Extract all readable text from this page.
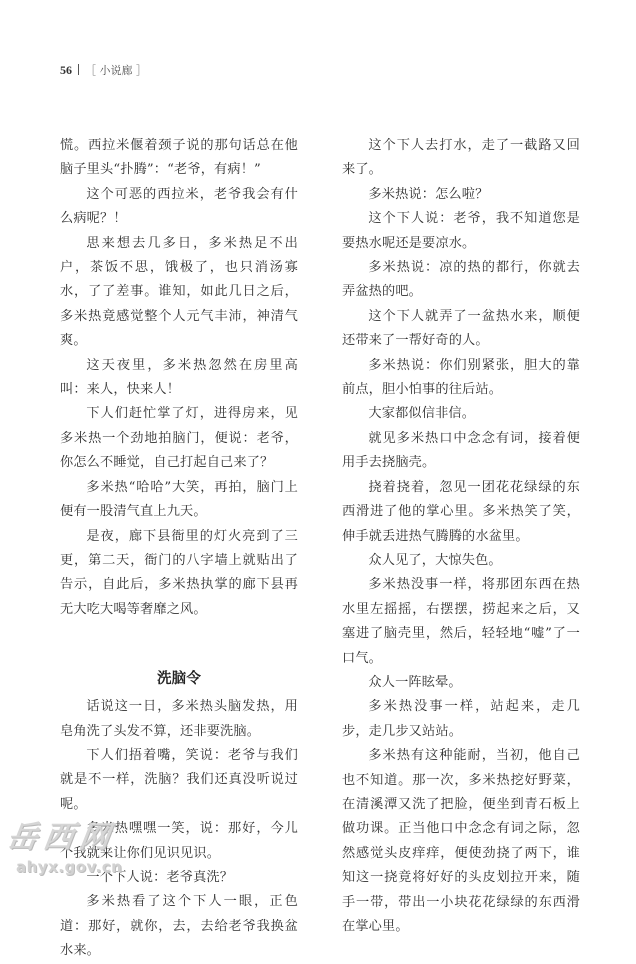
56 ［ 小说廊 ］

慌。西拉米偃着颈子说的那句话总在他脑子里头“扑腾”：“老爷，有病！”

这个可恶的西拉米，老爷我会有什么病呢？！

思来想去几多日，多米热足不出户，茶饭不思，饿极了，也只消汤寡水，了了差事。谁知，如此几日之后，多米热竟感觉整个人元气丰沛，神清气爽。

这天夜里，多米热忽然在房里高叫：来人，快来人！

下人们赶忙掌了灯，进得房来，见多米热一个劲地拍脑门，便说：老爷，你怎么不睡觉，自己打起自己来了？

多米热“哈哈”大笑，再拍，脑门上便有一股清气直上九天。

是夜，廊下县衙里的灯火亮到了三更，第二天，衙门的八字墙上就贴出了告示，自此后，多米热执掌的廊下县再无大吃大喝等奢靡之风。

洗脑令

话说这一日，多米热头脑发热，用皂角洗了头发不算，还非要洗脑。

下人们捂着嘴，笑说：老爷与我们就是不一样，洗脑？我们还真没听说过呢。

多米热嘿嘿一笑，说：那好，今儿个我就来让你们见识见识。

一个下人说：老爷真洗？

多米热看了这个下人一眼，正色道：那好，就你，去，去给老爷我换盆水来。

这个下人去打水，走了一截路又回来了。

多米热说：怎么啦？

这个下人说：老爷，我不知道您是要热水呢还是要凉水。

多米热说：凉的热的都行，你就去弄盆热的吧。

这个下人就弄了一盆热水来，顺便还带来了一帮好奇的人。

多米热说：你们别紧张，胆大的靠前点，胆小怕事的往后站。

大家都似信非信。

就见多米热口中念念有词，接着便用手去挠脑壳。

挠着挠着，忽见一团花花绿绿的东西滑进了他的掌心里。多米热笑了笑，伸手就丢进热气腾腾的水盆里。

众人见了，大惊失色。

多米热没事一样，将那团东西在热水里左摇摇，右摆摆，捞起来之后，又塞进了脑壳里，然后，轻轻地“嘘”了一口气。

众人一阵眩晕。

多米热没事一样，站起来，走几步，走几步又站站。

多米热有这种能耐，当初，他自己也不知道。那一次，多米热挖好野菜，在清溪潭又洗了把脸，便坐到青石板上做功课。正当他口中念念有词之际，忽然感觉头皮痒痒，便使劲挠了两下，谁知这一挠竟将好好的头皮划拉开来，随手一带，带出一小块花花绿绿的东西滑在掌心里。

岳西网
ahyx.gov.cn
